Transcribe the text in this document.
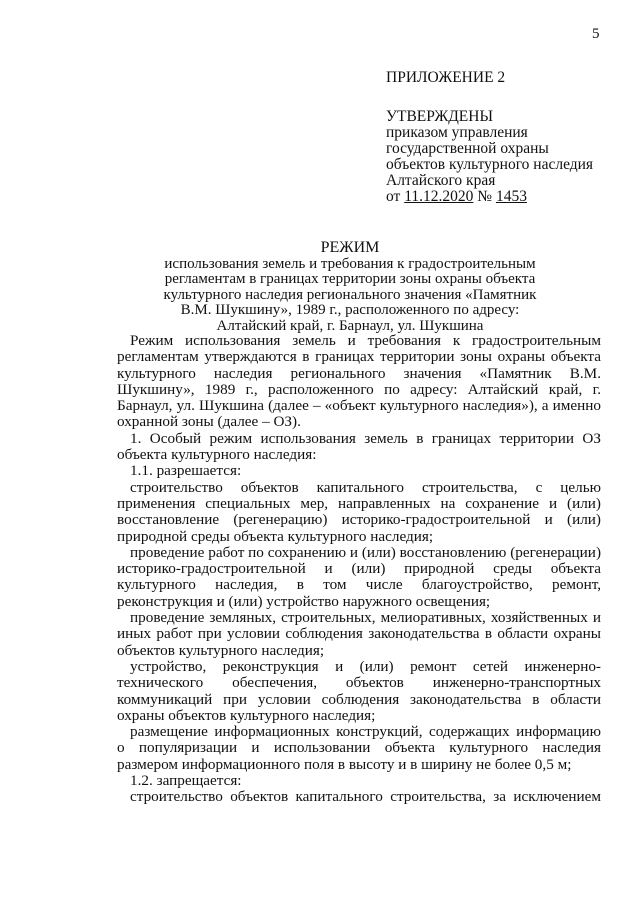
5
ПРИЛОЖЕНИЕ 2
УТВЕРЖДЕНЫ
приказом управления
государственной охраны
объектов культурного наследия
Алтайского края
от 11.12.2020 № 1453
РЕЖИМ
использования земель и требования к градостроительным
регламентам в границах территории зоны охраны объекта
культурного наследия регионального значения «Памятник
В.М. Шукшину», 1989 г., расположенного по адресу:
Алтайский край, г. Барнаул, ул. Шукшина

Режим использования земель и требования к градостроительным регламентам утверждаются в границах территории зоны охраны объекта культурного наследия регионального значения «Памятник В.М. Шукшину», 1989 г., расположенного по адресу: Алтайский край, г. Барнаул, ул. Шукшина (далее – «объект культурного наследия»), а именно охранной зоны (далее – ОЗ).

1. Особый режим использования земель в границах территории ОЗ объекта культурного наследия:

1.1. разрешается:

строительство объектов капитального строительства, с целью применения специальных мер, направленных на сохранение и (или) восстановление (регенерацию) историко-градостроительной и (или) природной среды объекта культурного наследия;

проведение работ по сохранению и (или) восстановлению (регенерации) историко-градостроительной и (или) природной среды объекта культурного наследия, в том числе благоустройство, ремонт, реконструкция и (или) устройство наружного освещения;

проведение земляных, строительных, мелиоративных, хозяйственных и иных работ при условии соблюдения законодательства в области охраны объектов культурного наследия;

устройство, реконструкция и (или) ремонт сетей инженерно-технического обеспечения, объектов инженерно-транспортных коммуникаций при условии соблюдения законодательства в области охраны объектов культурного наследия;

размещение информационных конструкций, содержащих информацию о популяризации и использовании объекта культурного наследия размером информационного поля в высоту и в ширину не более 0,5 м;

1.2. запрещается:

строительство объектов капитального строительства, за исключением
